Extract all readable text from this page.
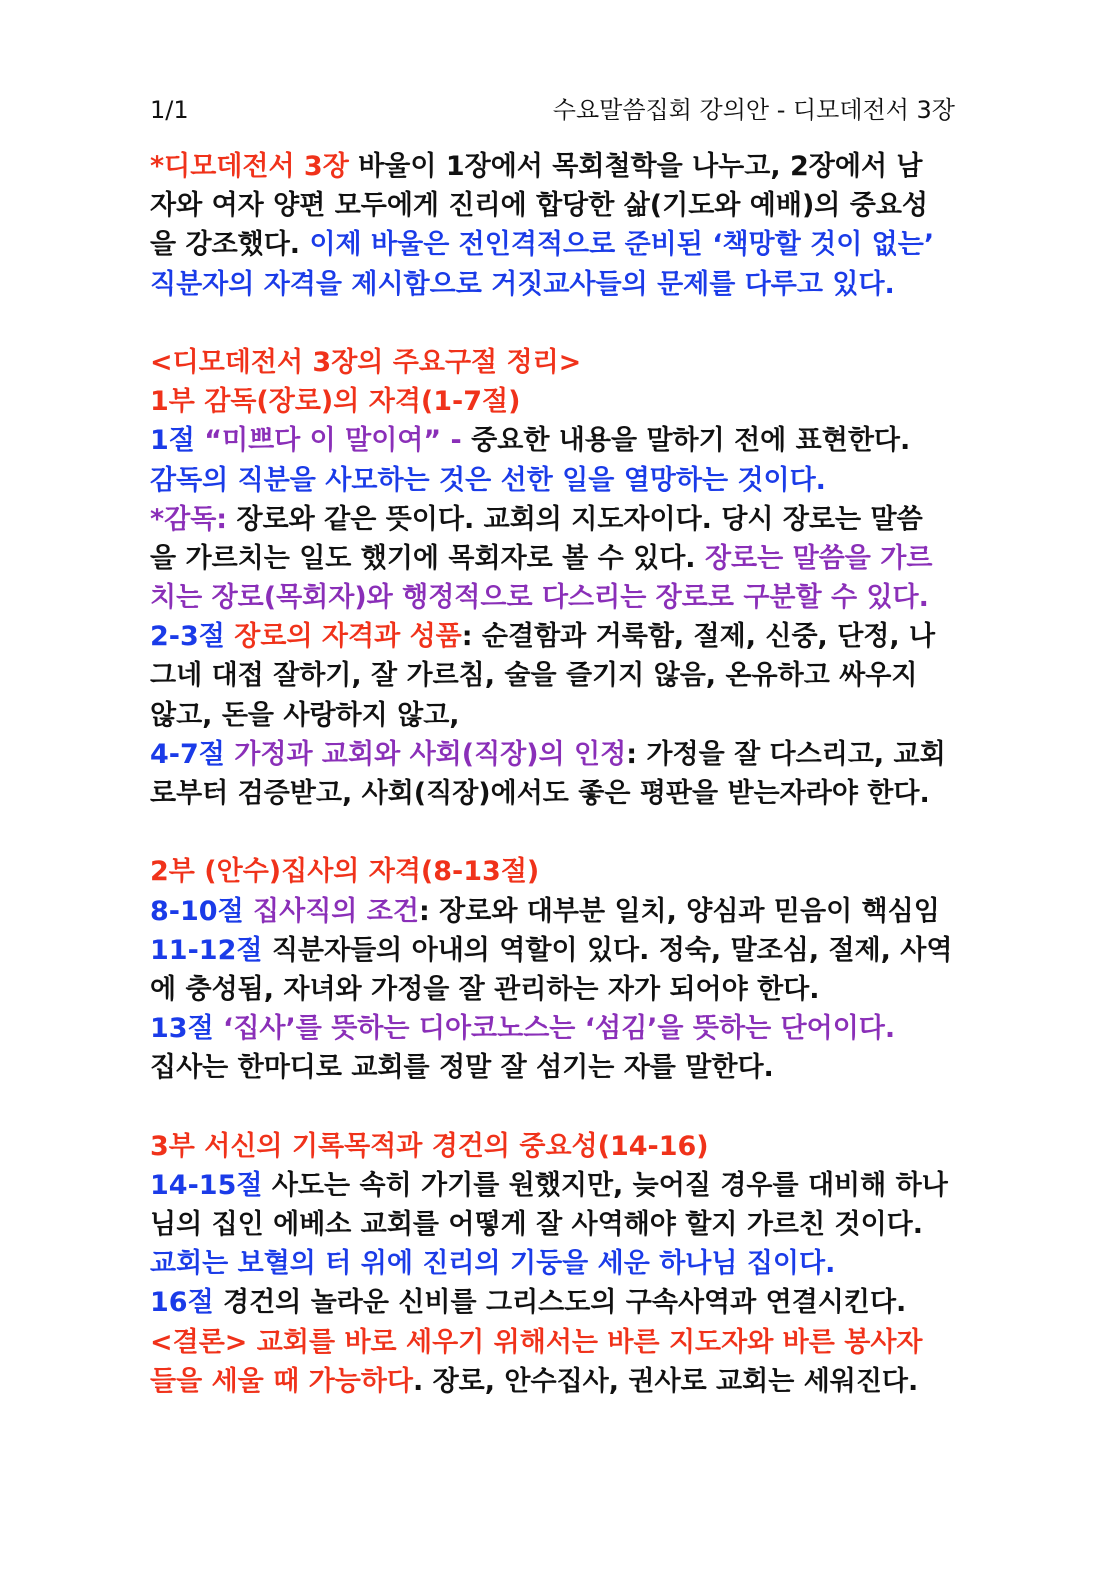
1/1	수요말씀집회 강의안 - 디모데전서 3장
*디모데전서 3장 바울이 1장에서 목회철학을 나누고, 2장에서 남
자와 여자 양편 모두에게 진리에 합당한 삶(기도와 예배)의 중요성
을 강조했다. 이제 바울은 전인격적으로 준비된 ‘책망할 것이 없는’
직분자의 자격을 제시함으로 거짓교사들의 문제를 다루고 있다.
<디모데전서 3장의 주요구절 정리>
1부 감독(장로)의 자격(1-7절)
1절 “미쁘다 이 말이여” - 중요한 내용을 말하기 전에 표현한다.
감독의 직분을 사모하는 것은 선한 일을 열망하는 것이다.
*감독: 장로와 같은 뜻이다. 교회의 지도자이다. 당시 장로는 말씀
을 가르치는 일도 했기에 목회자로 볼 수 있다. 장로는 말씀을 가르
치는 장로(목회자)와 행정적으로 다스리는 장로로 구분할 수 있다.
2-3절 장로의 자격과 성품: 순결함과 거룩함, 절제, 신중, 단정, 나
그네 대접 잘하기, 잘 가르침, 술을 즐기지 않음, 온유하고 싸우지
않고, 돈을 사랑하지 않고,
4-7절 가정과 교회와 사회(직장)의 인정: 가정을 잘 다스리고, 교회
로부터 검증받고, 사회(직장)에서도 좋은 평판을 받는자라야 한다.
2부 (안수)집사의 자격(8-13절)
8-10절 집사직의 조건: 장로와 대부분 일치, 양심과 믿음이 핵심임
11-12절 직분자들의 아내의 역할이 있다. 정숙, 말조심, 절제, 사역
에 충성됨, 자녀와 가정을 잘 관리하는 자가 되어야 한다.
13절 ‘집사’를 뜻하는 디아코노스는 ‘섬김’을 뜻하는 단어이다.
집사는 한마디로 교회를 정말 잘 섬기는 자를 말한다.
3부 서신의 기록목적과 경건의 중요성(14-16)
14-15절 사도는 속히 가기를 원했지만, 늦어질 경우를 대비해 하나
님의 집인 에베소 교회를 어떻게 잘 사역해야 할지 가르친 것이다.
교회는 보혈의 터 위에 진리의 기둥을 세운 하나님 집이다.
16절 경건의 놀라운 신비를 그리스도의 구속사역과 연결시킨다.
<결론> 교회를 바로 세우기 위해서는 바른 지도자와 바른 봉사자
들을 세울 때 가능하다. 장로, 안수집사, 권사로 교회는 세워진다.
